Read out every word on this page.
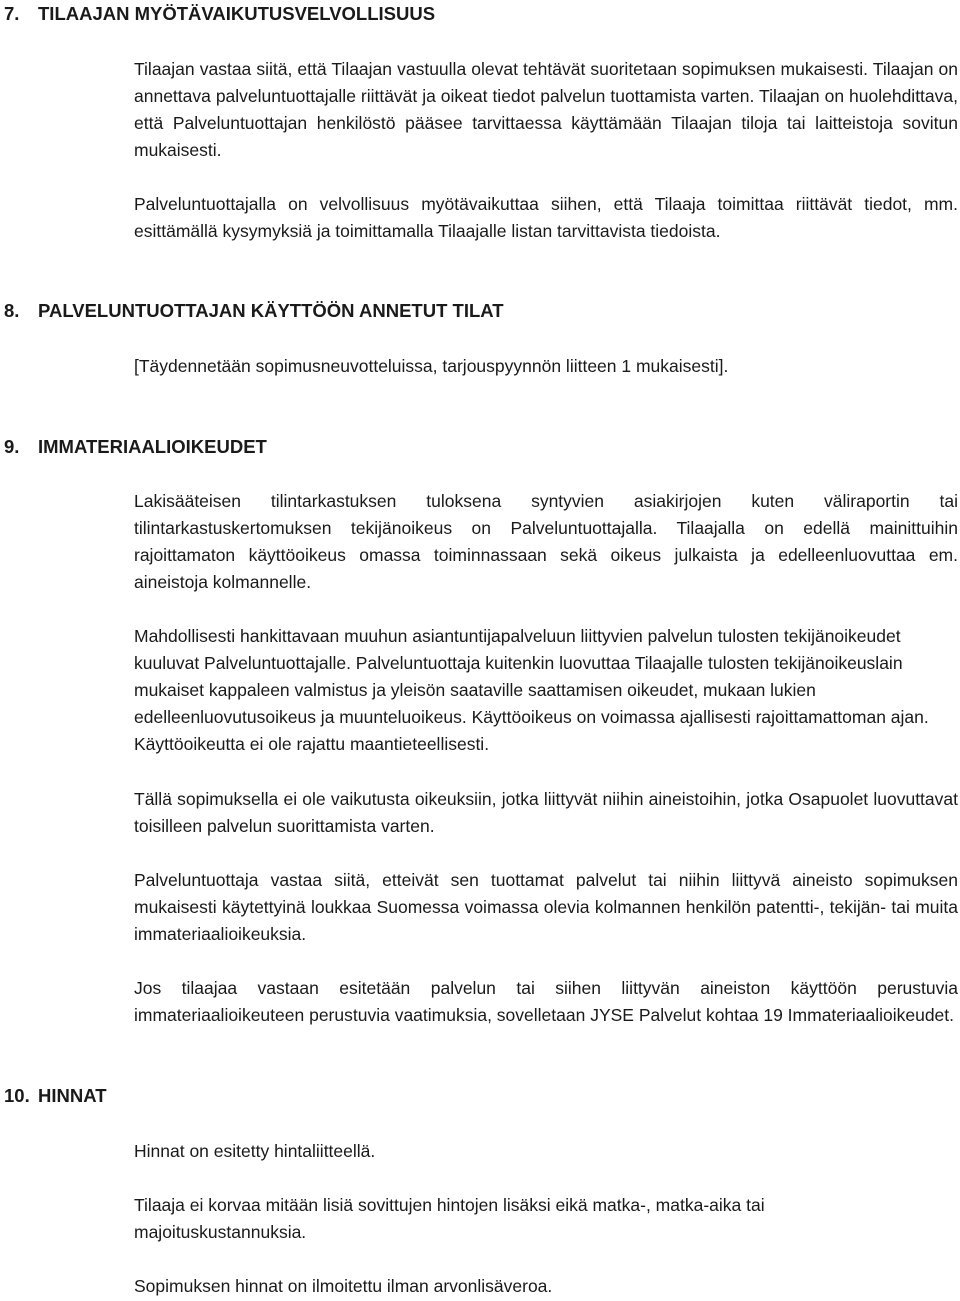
7. TILAAJAN MYÖTÄVAIKUTUSVELVOLLISUUS

Tilaajan vastaa siitä, että Tilaajan vastuulla olevat tehtävät suoritetaan sopimuksen mukaisesti. Tilaajan on annettava palveluntuottajalle riittävät ja oikeat tiedot palvelun tuottamista varten. Tilaajan on huolehdittava, että Palveluntuottajan henkilöstö pääsee tarvittaessa käyttämään Tilaajan tiloja tai laitteistoja sovitun mukaisesti.

Palveluntuottajalla on velvollisuus myötävaikuttaa siihen, että Tilaaja toimittaa riittävät tiedot, mm. esittämällä kysymyksiä ja toimittamalla Tilaajalle listan tarvittavista tiedoista.

8. PALVELUNTUOTTAJAN KÄYTTÖÖN ANNETUT TILAT

[Täydennetään sopimusneuvotteluissa, tarjouspyynnön liitteen 1 mukaisesti].

9. IMMATERIAALIOIKEUDET

Lakisääteisen tilintarkastuksen tuloksena syntyvien asiakirjojen kuten väliraportin tai tilintarkastuskertomuksen tekijänoikeus on Palveluntuottajalla. Tilaajalla on edellä mainittuihin rajoittamaton käyttöoikeus omassa toiminnassaan sekä oikeus julkaista ja edelleenluovuttaa em. aineistoja kolmannelle.

Mahdollisesti hankittavaan muuhun asiantuntijapalveluun liittyvien palvelun tulosten tekijänoikeudet kuuluvat Palveluntuottajalle. Palveluntuottaja kuitenkin luovuttaa Tilaajalle tulosten tekijänoikeuslain mukaiset kappaleen valmistus ja yleisön saataville saattamisen oikeudet, mukaan lukien edelleenluovutusoikeus ja muunteluoikeus. Käyttöoikeus on voimassa ajallisesti rajoittamattoman ajan. Käyttöoikeutta ei ole rajattu maantieteellisesti.

Tällä sopimuksella ei ole vaikutusta oikeuksiin, jotka liittyvät niihin aineistoihin, jotka Osapuolet luovuttavat toisilleen palvelun suorittamista varten.

Palveluntuottaja vastaa siitä, etteivät sen tuottamat palvelut tai niihin liittyvä aineisto sopimuksen mukaisesti käytettyinä loukkaa Suomessa voimassa olevia kolmannen henkilön patentti-, tekijän- tai muita immateriaalioikeuksia.

Jos tilaajaa vastaan esitetään palvelun tai siihen liittyvän aineiston käyttöön perustuvia immateriaalioikeuteen perustuvia vaatimuksia, sovelletaan JYSE Palvelut kohtaa 19 Immateriaalioikeudet.

10. HINNAT

Hinnat on esitetty hintaliitteellä.

Tilaaja ei korvaa mitään lisiä sovittujen hintojen lisäksi eikä matka-, matka-aika tai majoituskustannuksia.

Sopimuksen hinnat on ilmoitettu ilman arvonlisäveroa.
